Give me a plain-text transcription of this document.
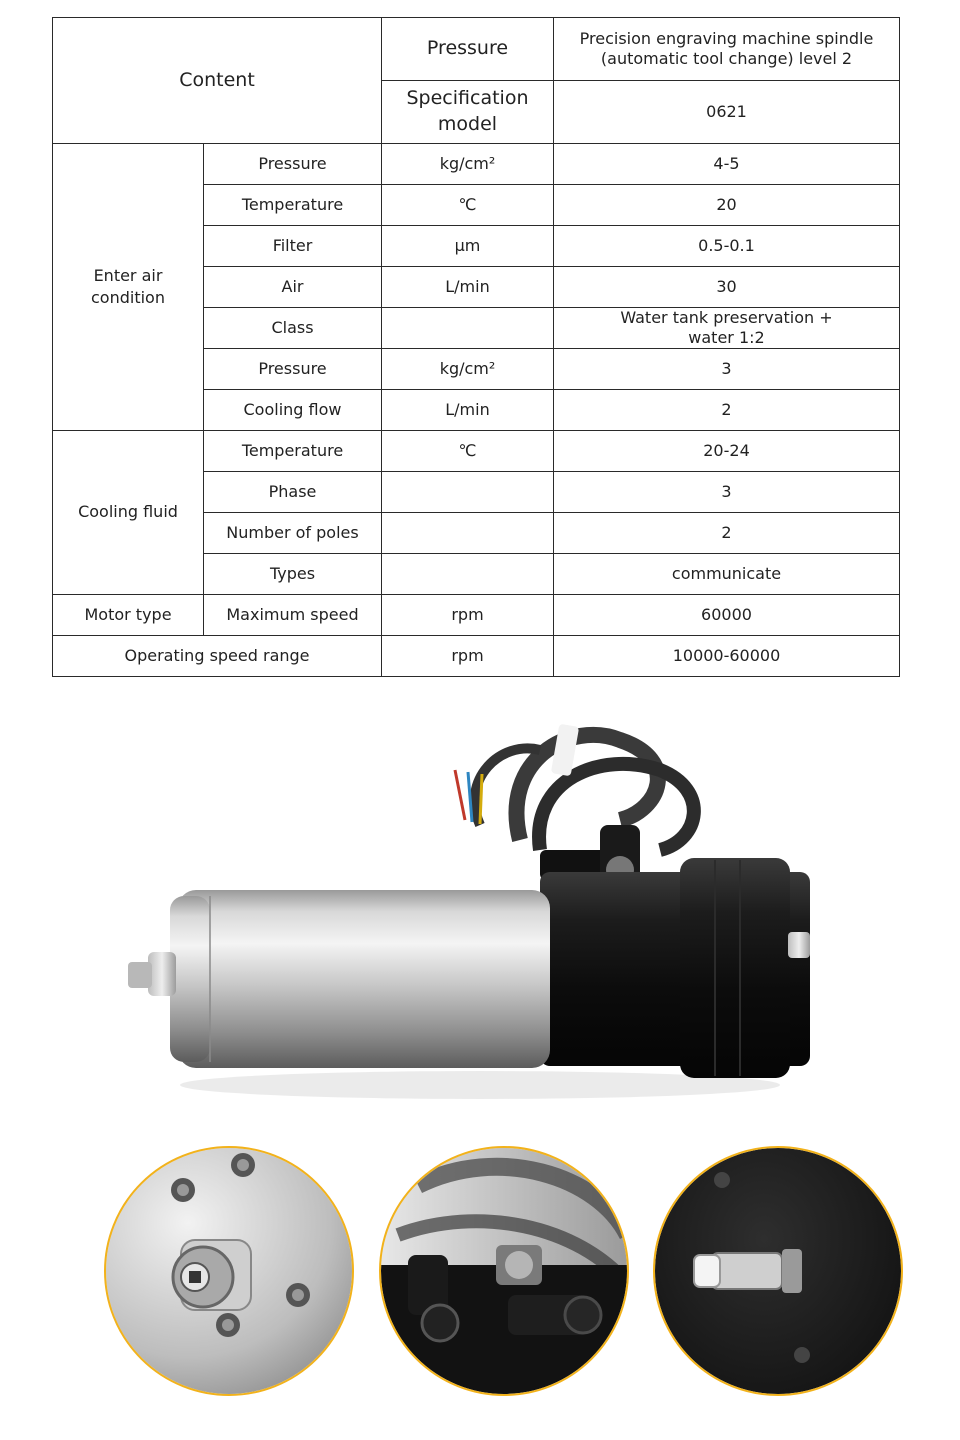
Content		Pressure	Precision engraving machine spindle (automatic tool change) level 2
		Specification model	0621
Enter air condition	Pressure	kg/cm²	4-5
	Temperature	℃	20
	Filter	μm	0.5-0.1
	Air	L/min	30
	Class		Water tank preservation + water 1:2
	Pressure	kg/cm²	3
	Cooling flow	L/min	2
Cooling fluid	Temperature	℃	20-24
	Phase		3
	Number of poles		2
	Types		communicate
Motor type	Maximum speed	rpm	60000
Operating speed range		rpm	10000-60000
